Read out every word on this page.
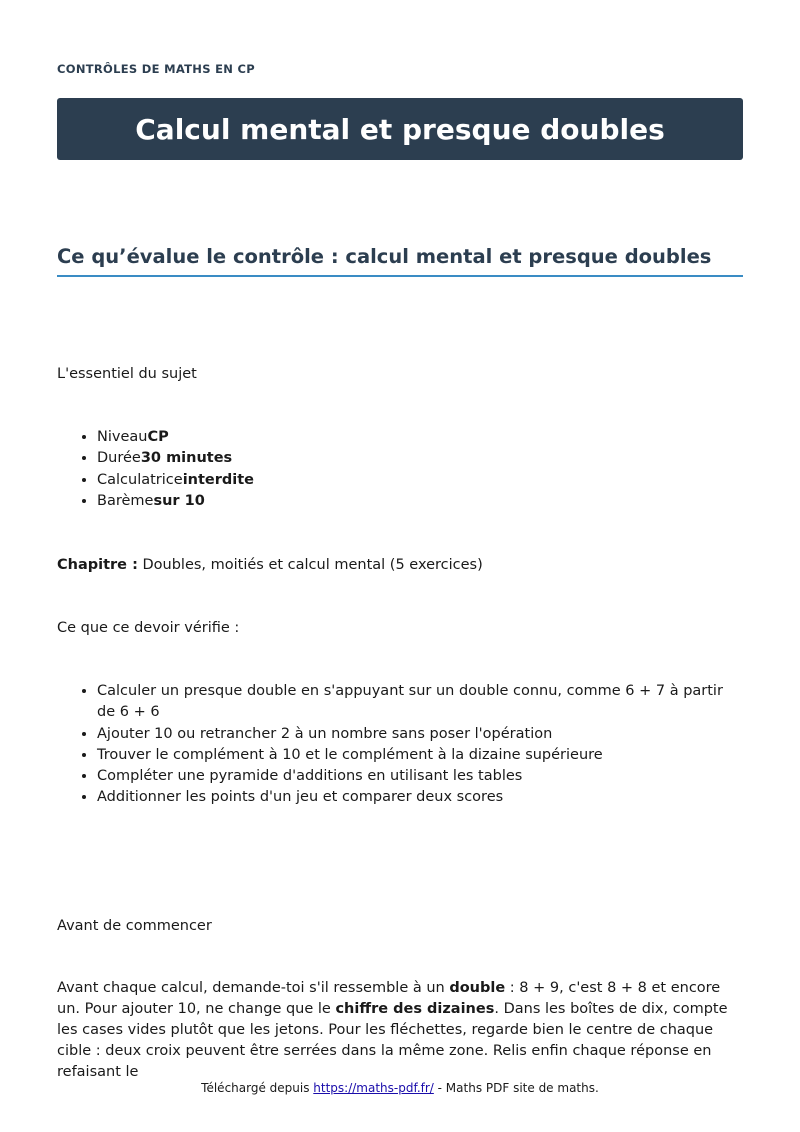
CONTRÔLES DE MATHS EN CP
Calcul mental et presque doubles
Ce qu’évalue le contrôle : calcul mental et presque doubles

L'essentiel du sujet

• NiveauCP
• Durée30 minutes
• Calculatriceinterdite
• Barèmesur 10

Chapitre : Doubles, moitiés et calcul mental (5 exercices)

Ce que ce devoir vérifie :

• Calculer un presque double en s'appuyant sur un double connu, comme 6 + 7 à partir de 6 + 6
• Ajouter 10 ou retrancher 2 à un nombre sans poser l'opération
• Trouver le complément à 10 et le complément à la dizaine supérieure
• Compléter une pyramide d'additions en utilisant les tables
• Additionner les points d'un jeu et comparer deux scores

Avant de commencer

Avant chaque calcul, demande-toi s'il ressemble à un double : 8 + 9, c'est 8 + 8 et encore un. Pour ajouter 10, ne change que le chiffre des dizaines. Dans les boîtes de dix, compte les cases vides plutôt que les jetons. Pour les fléchettes, regarde bien le centre de chaque cible : deux croix peuvent être serrées dans la même zone. Relis enfin chaque réponse en refaisant le

Téléchargé depuis https://maths-pdf.fr/ - Maths PDF site de maths.
